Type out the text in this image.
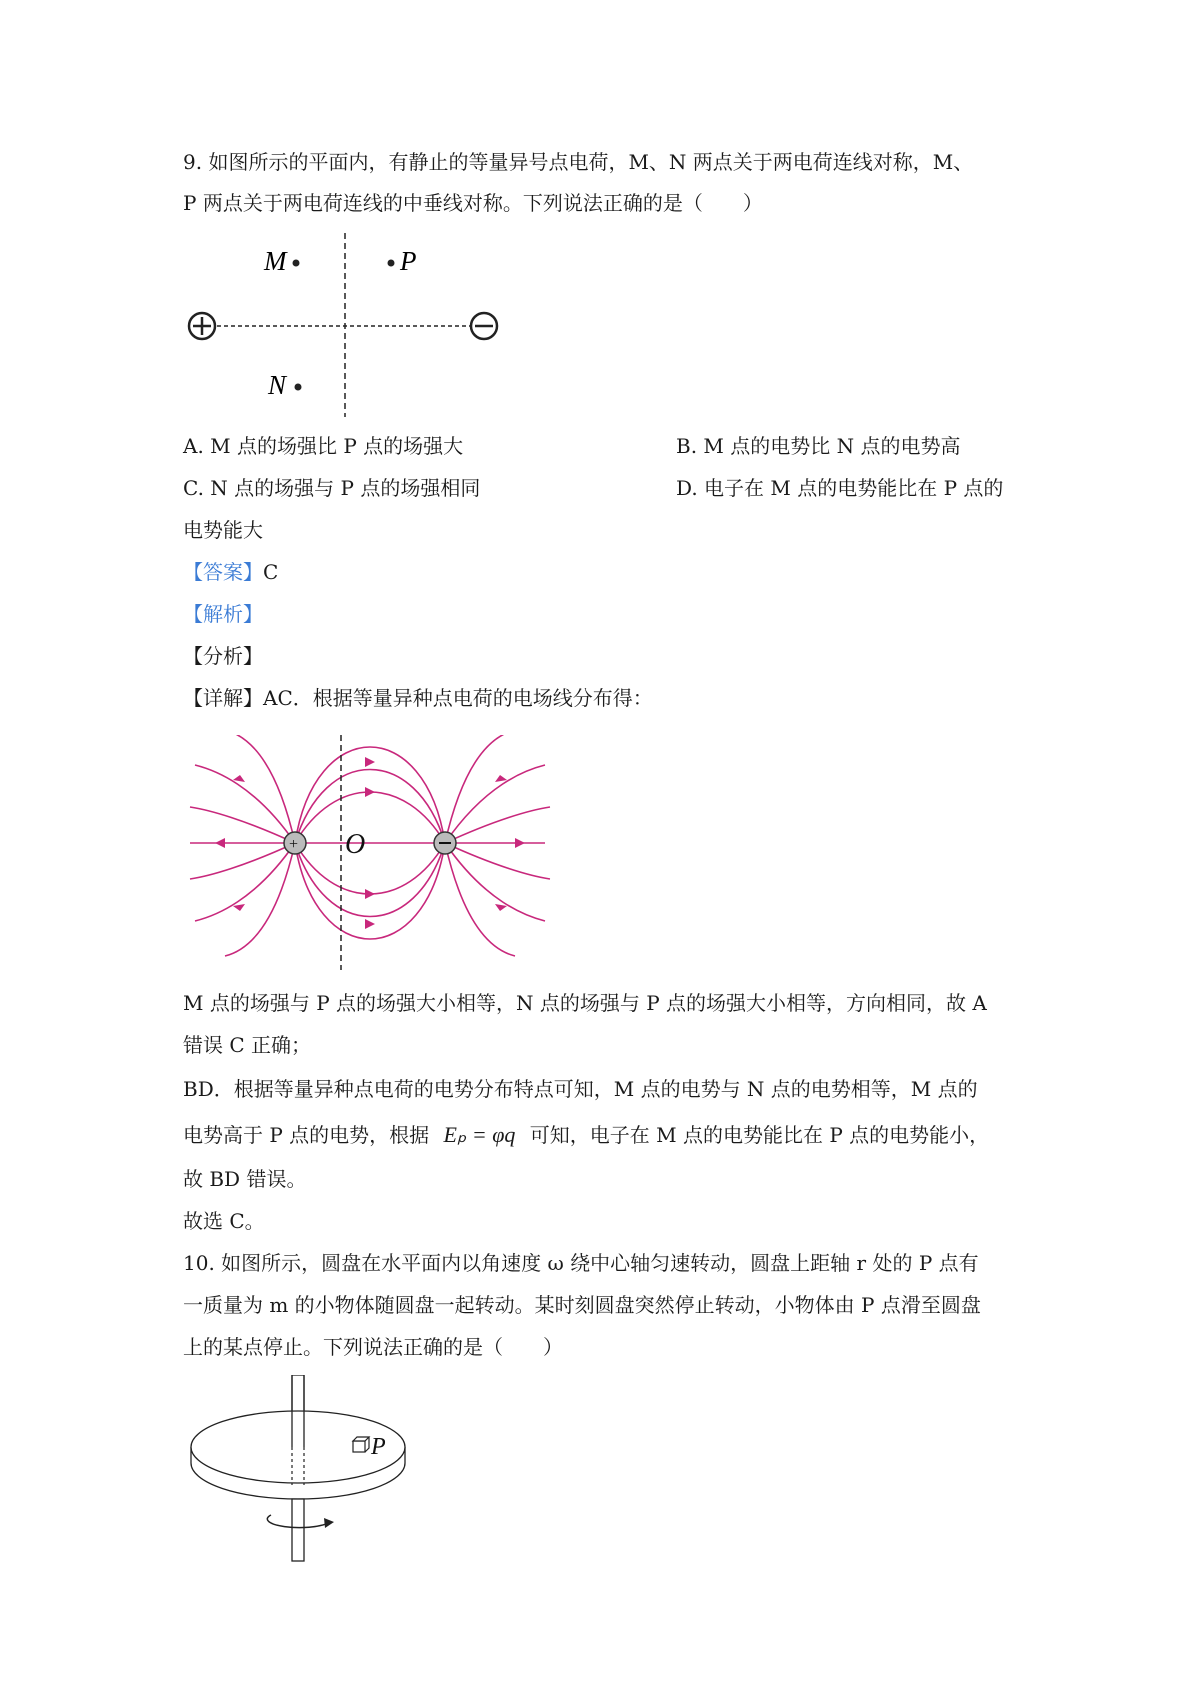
9. 如图所示的平面内，有静止的等量异号点电荷，M、N 两点关于两电荷连线对称，M、
P 两点关于两电荷连线的中垂线对称。下列说法正确的是（　　）
M	P
N
A. M 点的场强比 P 点的场强大	B. M 点的电势比 N 点的电势高
C. N 点的场强与 P 点的场强相同	D. 电子在 M 点的电势能比在 P 点的
电势能大
【答案】C
【解析】
【分析】
【详解】AC．根据等量异种点电荷的电场线分布得：
+ O
M 点的场强与 P 点的场强大小相等，N 点的场强与 P 点的场强大小相等，方向相同，故 A
错误 C 正确；
BD．根据等量异种点电荷的电势分布特点可知，M 点的电势与 N 点的电势相等，M 点的
电势高于 P 点的电势，根据 Eₚ = φq 可知，电子在 M 点的电势能比在 P 点的电势能小，
故 BD 错误。
故选 C。
10. 如图所示，圆盘在水平面内以角速度 ω 绕中心轴匀速转动，圆盘上距轴 r 处的 P 点有
一质量为 m 的小物体随圆盘一起转动。某时刻圆盘突然停止转动，小物体由 P 点滑至圆盘
上的某点停止。下列说法正确的是（　　）
P
